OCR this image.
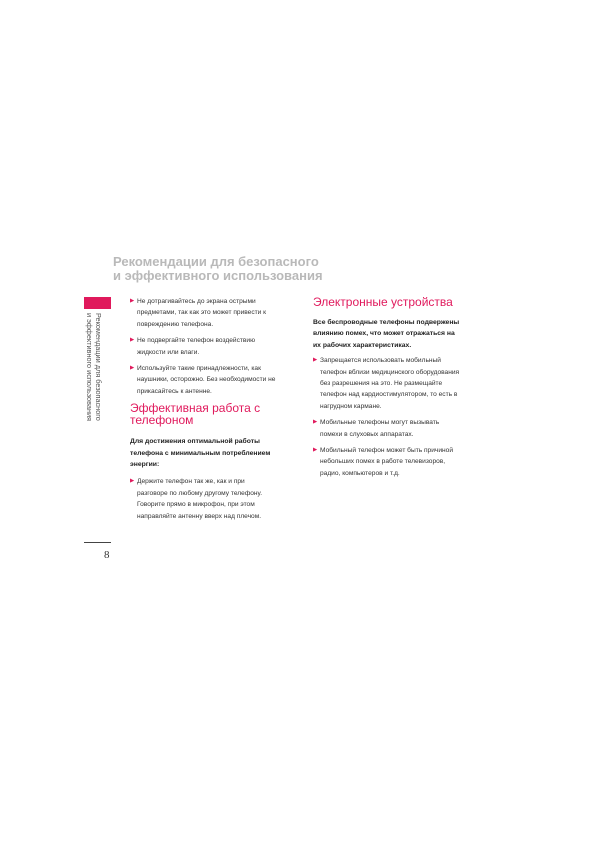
Рекомендации для безопасного
и эффективного использования
Рекомендации для безопасного
и эффективного использования
8
▶ Не дотрагивайтесь до экрана острыми
предметами, так как это может привести к
повреждению телефона.
▶ Не подвергайте телефон воздействию
жидкости или влаги.
▶ Используйте такие принадлежности, как
наушники, осторожно. Без необходимости не
прикасайтесь к антенне.
Эффективная работа с
телефоном

Для достижения оптимальной работы
телефона с минимальным потреблением
энергии:

▶ Держите телефон так же, как и при
разговоре по любому другому телефону.
Говорите прямо в микрофон, при этом
направляйте антенну вверх над плечом.
Электронные устройства

Все беспроводные телефоны подвержены
влиянию помех, что может отражаться на
их рабочих характеристиках.

▶ Запрещается использовать мобильный
телефон вблизи медицинского оборудования
без разрешения на это. Не размещайте
телефон над кардиостимулятором, то есть в
нагрудном кармане.
▶ Мобильные телефоны могут вызывать
помехи в слуховых аппаратах.
▶ Мобильный телефон может быть причиной
небольших помех в работе телевизоров,
радио, компьютеров и т.д.
